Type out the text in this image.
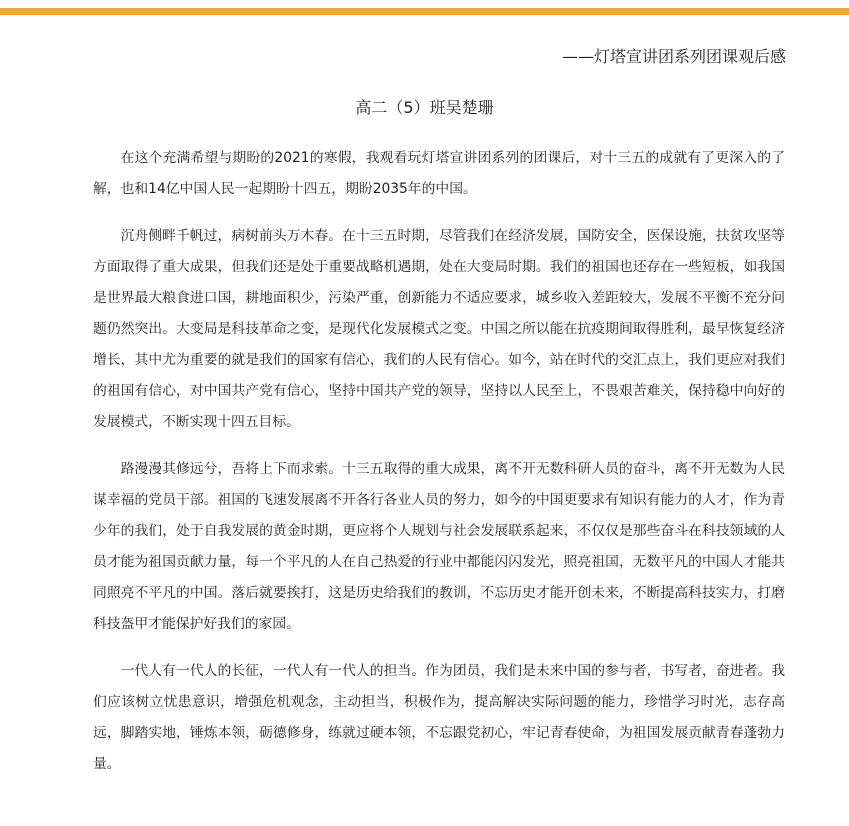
——灯塔宣讲团系列团课观后感
高二（5）班吴楚珊

在这个充满希望与期盼的2021的寒假，我观看玩灯塔宣讲团系列的团课后，对十三五的成就有了更深入的了解，也和14亿中国人民一起期盼十四五，期盼2035年的中国。

沉舟侧畔千帆过，病树前头万木春。在十三五时期，尽管我们在经济发展，国防安全，医保设施，扶贫攻坚等方面取得了重大成果，但我们还是处于重要战略机遇期，处在大变局时期。我们的祖国也还存在一些短板，如我国是世界最大粮食进口国，耕地面积少，污染严重，创新能力不适应要求，城乡收入差距较大，发展不平衡不充分问题仍然突出。大变局是科技革命之变，是现代化发展模式之变。中国之所以能在抗疫期间取得胜利，最早恢复经济增长，其中尤为重要的就是我们的国家有信心，我们的人民有信心。如今，站在时代的交汇点上，我们更应对我们的祖国有信心，对中国共产党有信心，坚持中国共产党的领导，坚持以人民至上，不畏艰苦难关，保持稳中向好的发展模式，不断实现十四五目标。

路漫漫其修远兮，吾将上下而求索。十三五取得的重大成果，离不开无数科研人员的奋斗，离不开无数为人民谋幸福的党员干部。祖国的飞速发展离不开各行各业人员的努力，如今的中国更要求有知识有能力的人才，作为青少年的我们，处于自我发展的黄金时期，更应将个人规划与社会发展联系起来，不仅仅是那些奋斗在科技领域的人员才能为祖国贡献力量，每一个平凡的人在自己热爱的行业中都能闪闪发光，照亮祖国，无数平凡的中国人才能共同照亮不平凡的中国。落后就要挨打，这是历史给我们的教训，不忘历史才能开创未来，不断提高科技实力，打磨科技盔甲才能保护好我们的家园。

一代人有一代人的长征，一代人有一代人的担当。作为团员，我们是未来中国的参与者，书写者，奋进者。我们应该树立忧患意识，增强危机观念，主动担当，积极作为，提高解决实际问题的能力，珍惜学习时光，志存高远，脚踏实地，锤炼本领，砺德修身，练就过硬本领，不忘跟党初心，牢记青春使命，为祖国发展贡献青春蓬勃力量。
